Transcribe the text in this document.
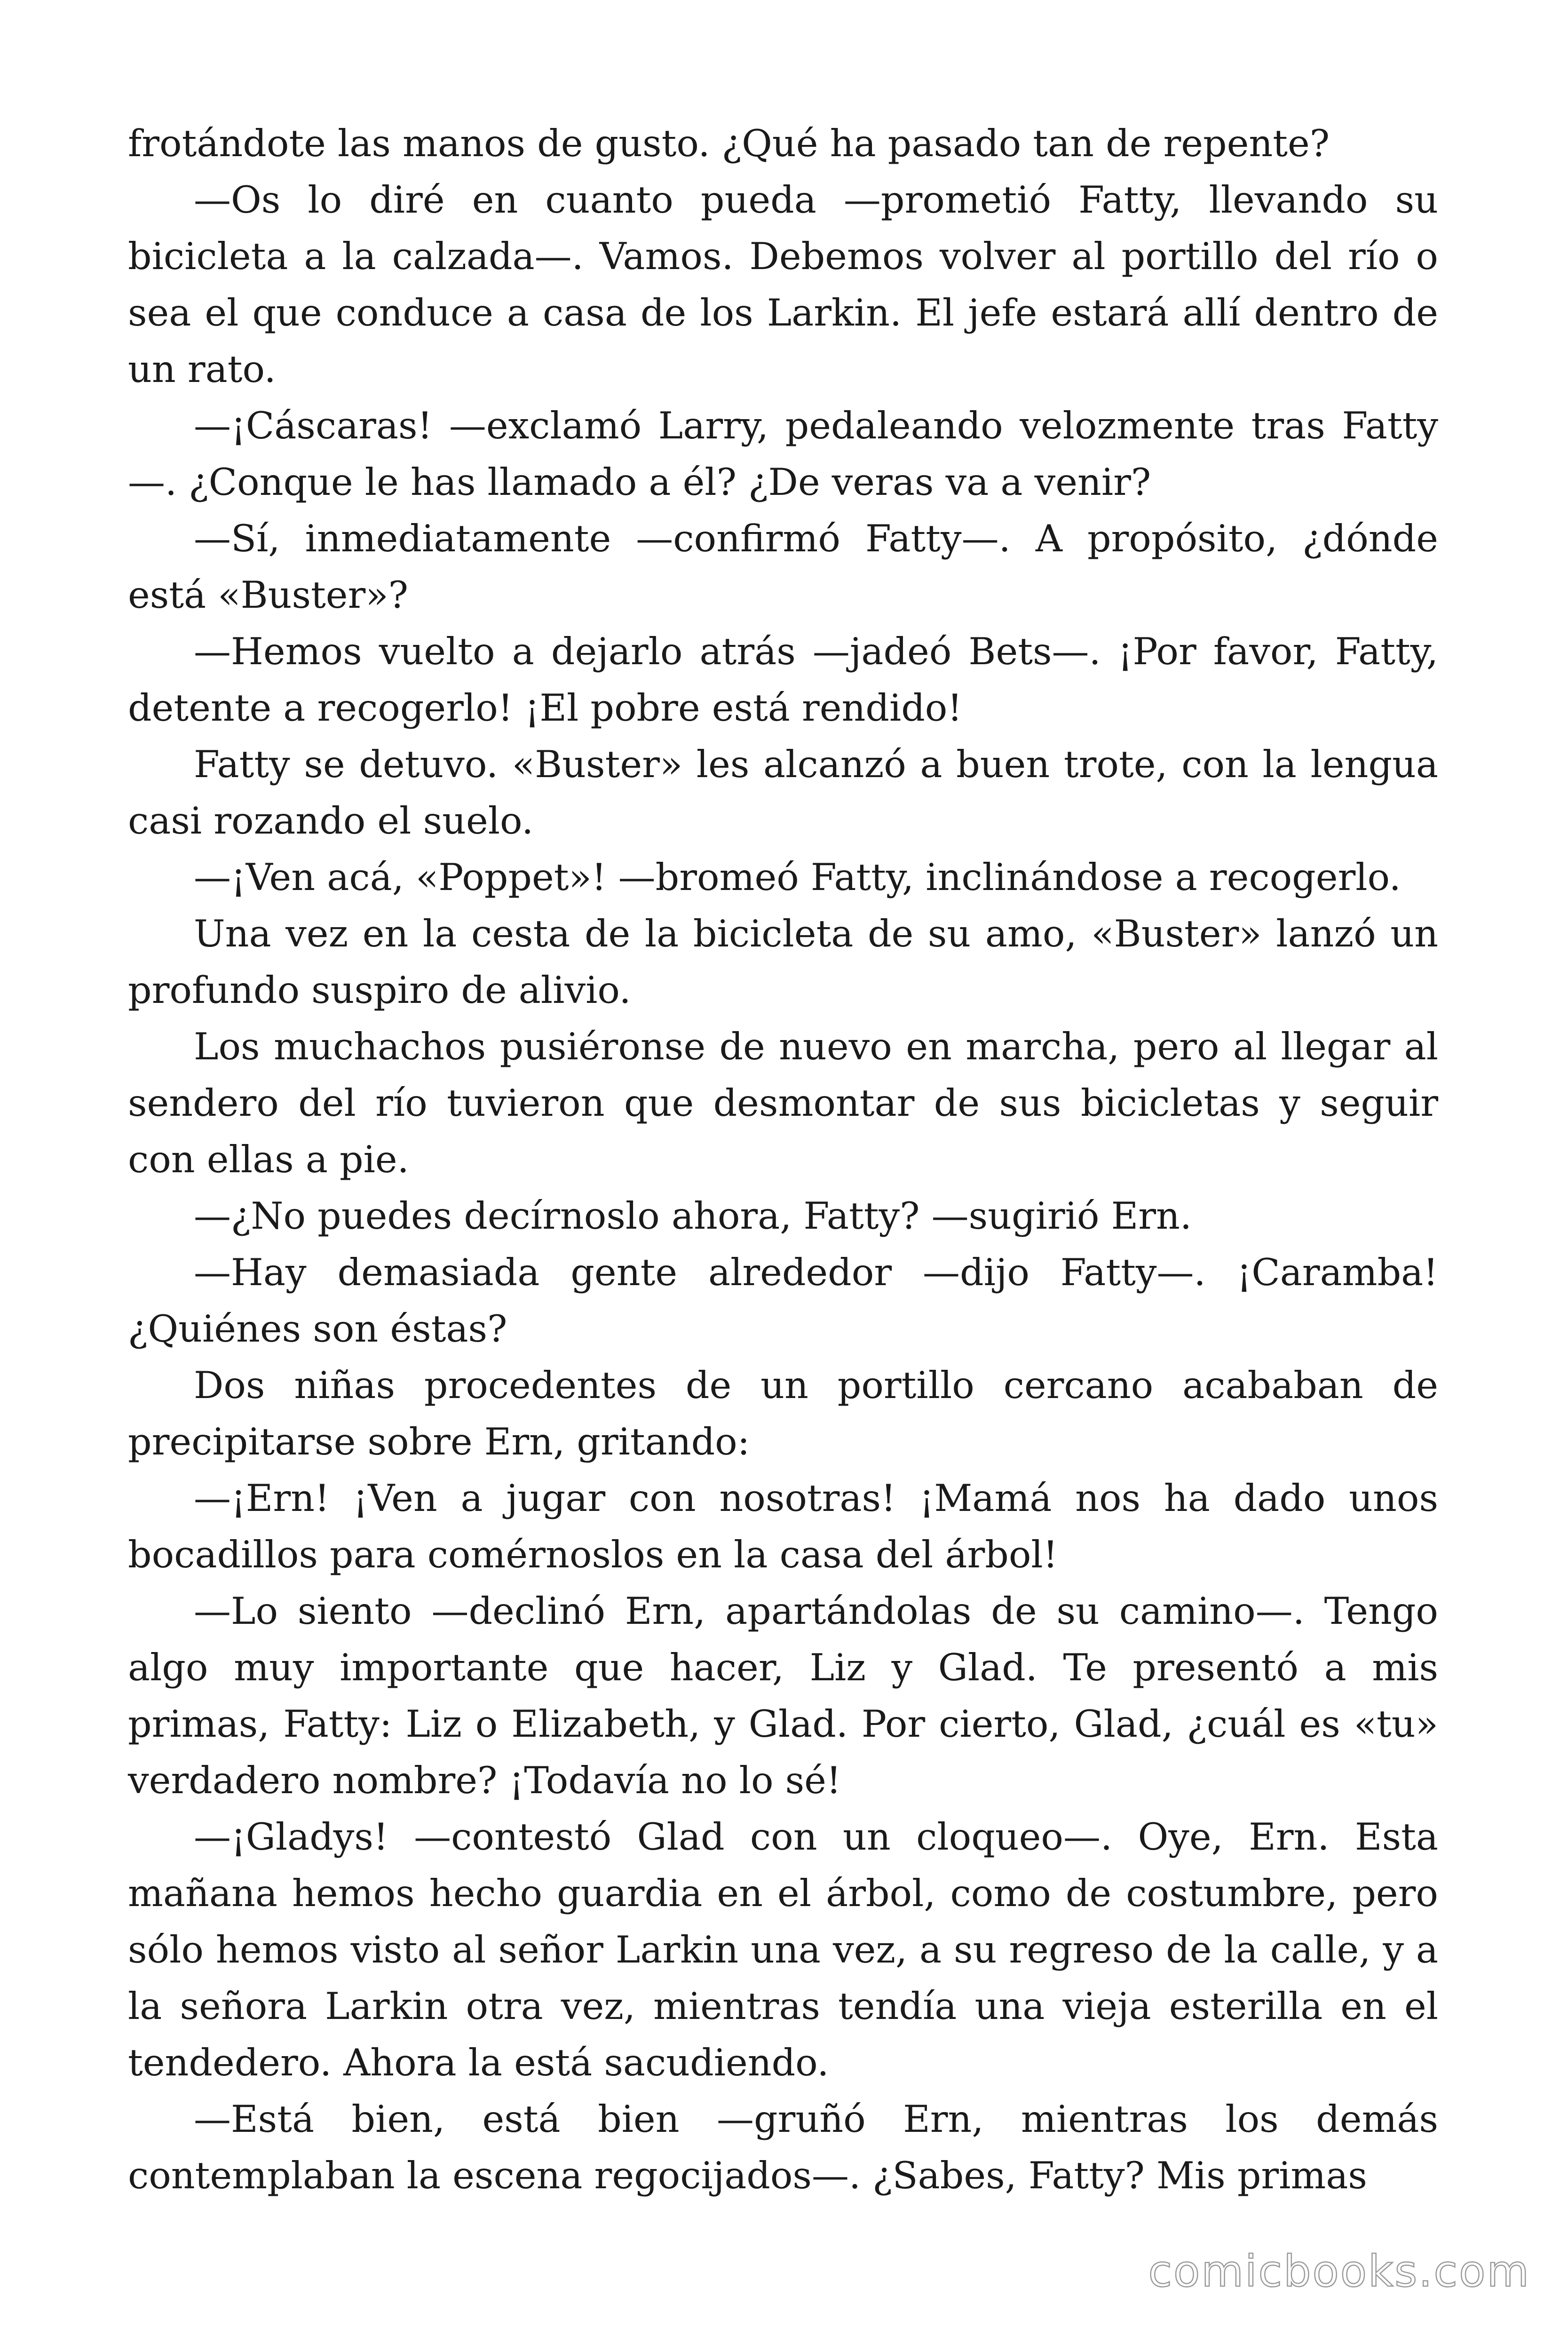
frotándote las manos de gusto. ¿Qué ha pasado tan de repente?

—Os lo diré en cuanto pueda —prometió Fatty, llevando su bicicleta a la calzada—. Vamos. Debemos volver al portillo del río o sea el que conduce a casa de los Larkin. El jefe estará allí dentro de un rato.

—¡Cáscaras! —exclamó Larry, pedaleando velozmente tras Fatty —. ¿Conque le has llamado a él? ¿De veras va a venir?

—Sí, inmediatamente —confirmó Fatty—. A propósito, ¿dónde está «Buster»?

—Hemos vuelto a dejarlo atrás —jadeó Bets—. ¡Por favor, Fatty, detente a recogerlo! ¡El pobre está rendido!

Fatty se detuvo. «Buster» les alcanzó a buen trote, con la lengua casi rozando el suelo.

—¡Ven acá, «Poppet»! —bromeó Fatty, inclinándose a recogerlo.

Una vez en la cesta de la bicicleta de su amo, «Buster» lanzó un profundo suspiro de alivio.

Los muchachos pusiéronse de nuevo en marcha, pero al llegar al sendero del río tuvieron que desmontar de sus bicicletas y seguir con ellas a pie.

—¿No puedes decírnoslo ahora, Fatty? —sugirió Ern.

—Hay demasiada gente alrededor —dijo Fatty—. ¡Caramba! ¿Quiénes son éstas?

Dos niñas procedentes de un portillo cercano acababan de precipitarse sobre Ern, gritando:

—¡Ern! ¡Ven a jugar con nosotras! ¡Mamá nos ha dado unos bocadillos para comérnoslos en la casa del árbol!

—Lo siento —declinó Ern, apartándolas de su camino—. Tengo algo muy importante que hacer, Liz y Glad. Te presentó a mis primas, Fatty: Liz o Elizabeth, y Glad. Por cierto, Glad, ¿cuál es «tu» verdadero nombre? ¡Todavía no lo sé!

—¡Gladys! —contestó Glad con un cloqueo—. Oye, Ern. Esta mañana hemos hecho guardia en el árbol, como de costumbre, pero sólo hemos visto al señor Larkin una vez, a su regreso de la calle, y a la señora Larkin otra vez, mientras tendía una vieja esterilla en el tendedero. Ahora la está sacudiendo.

—Está bien, está bien —gruñó Ern, mientras los demás contemplaban la escena regocijados—. ¿Sabes, Fatty? Mis primas

comicbooks.com
